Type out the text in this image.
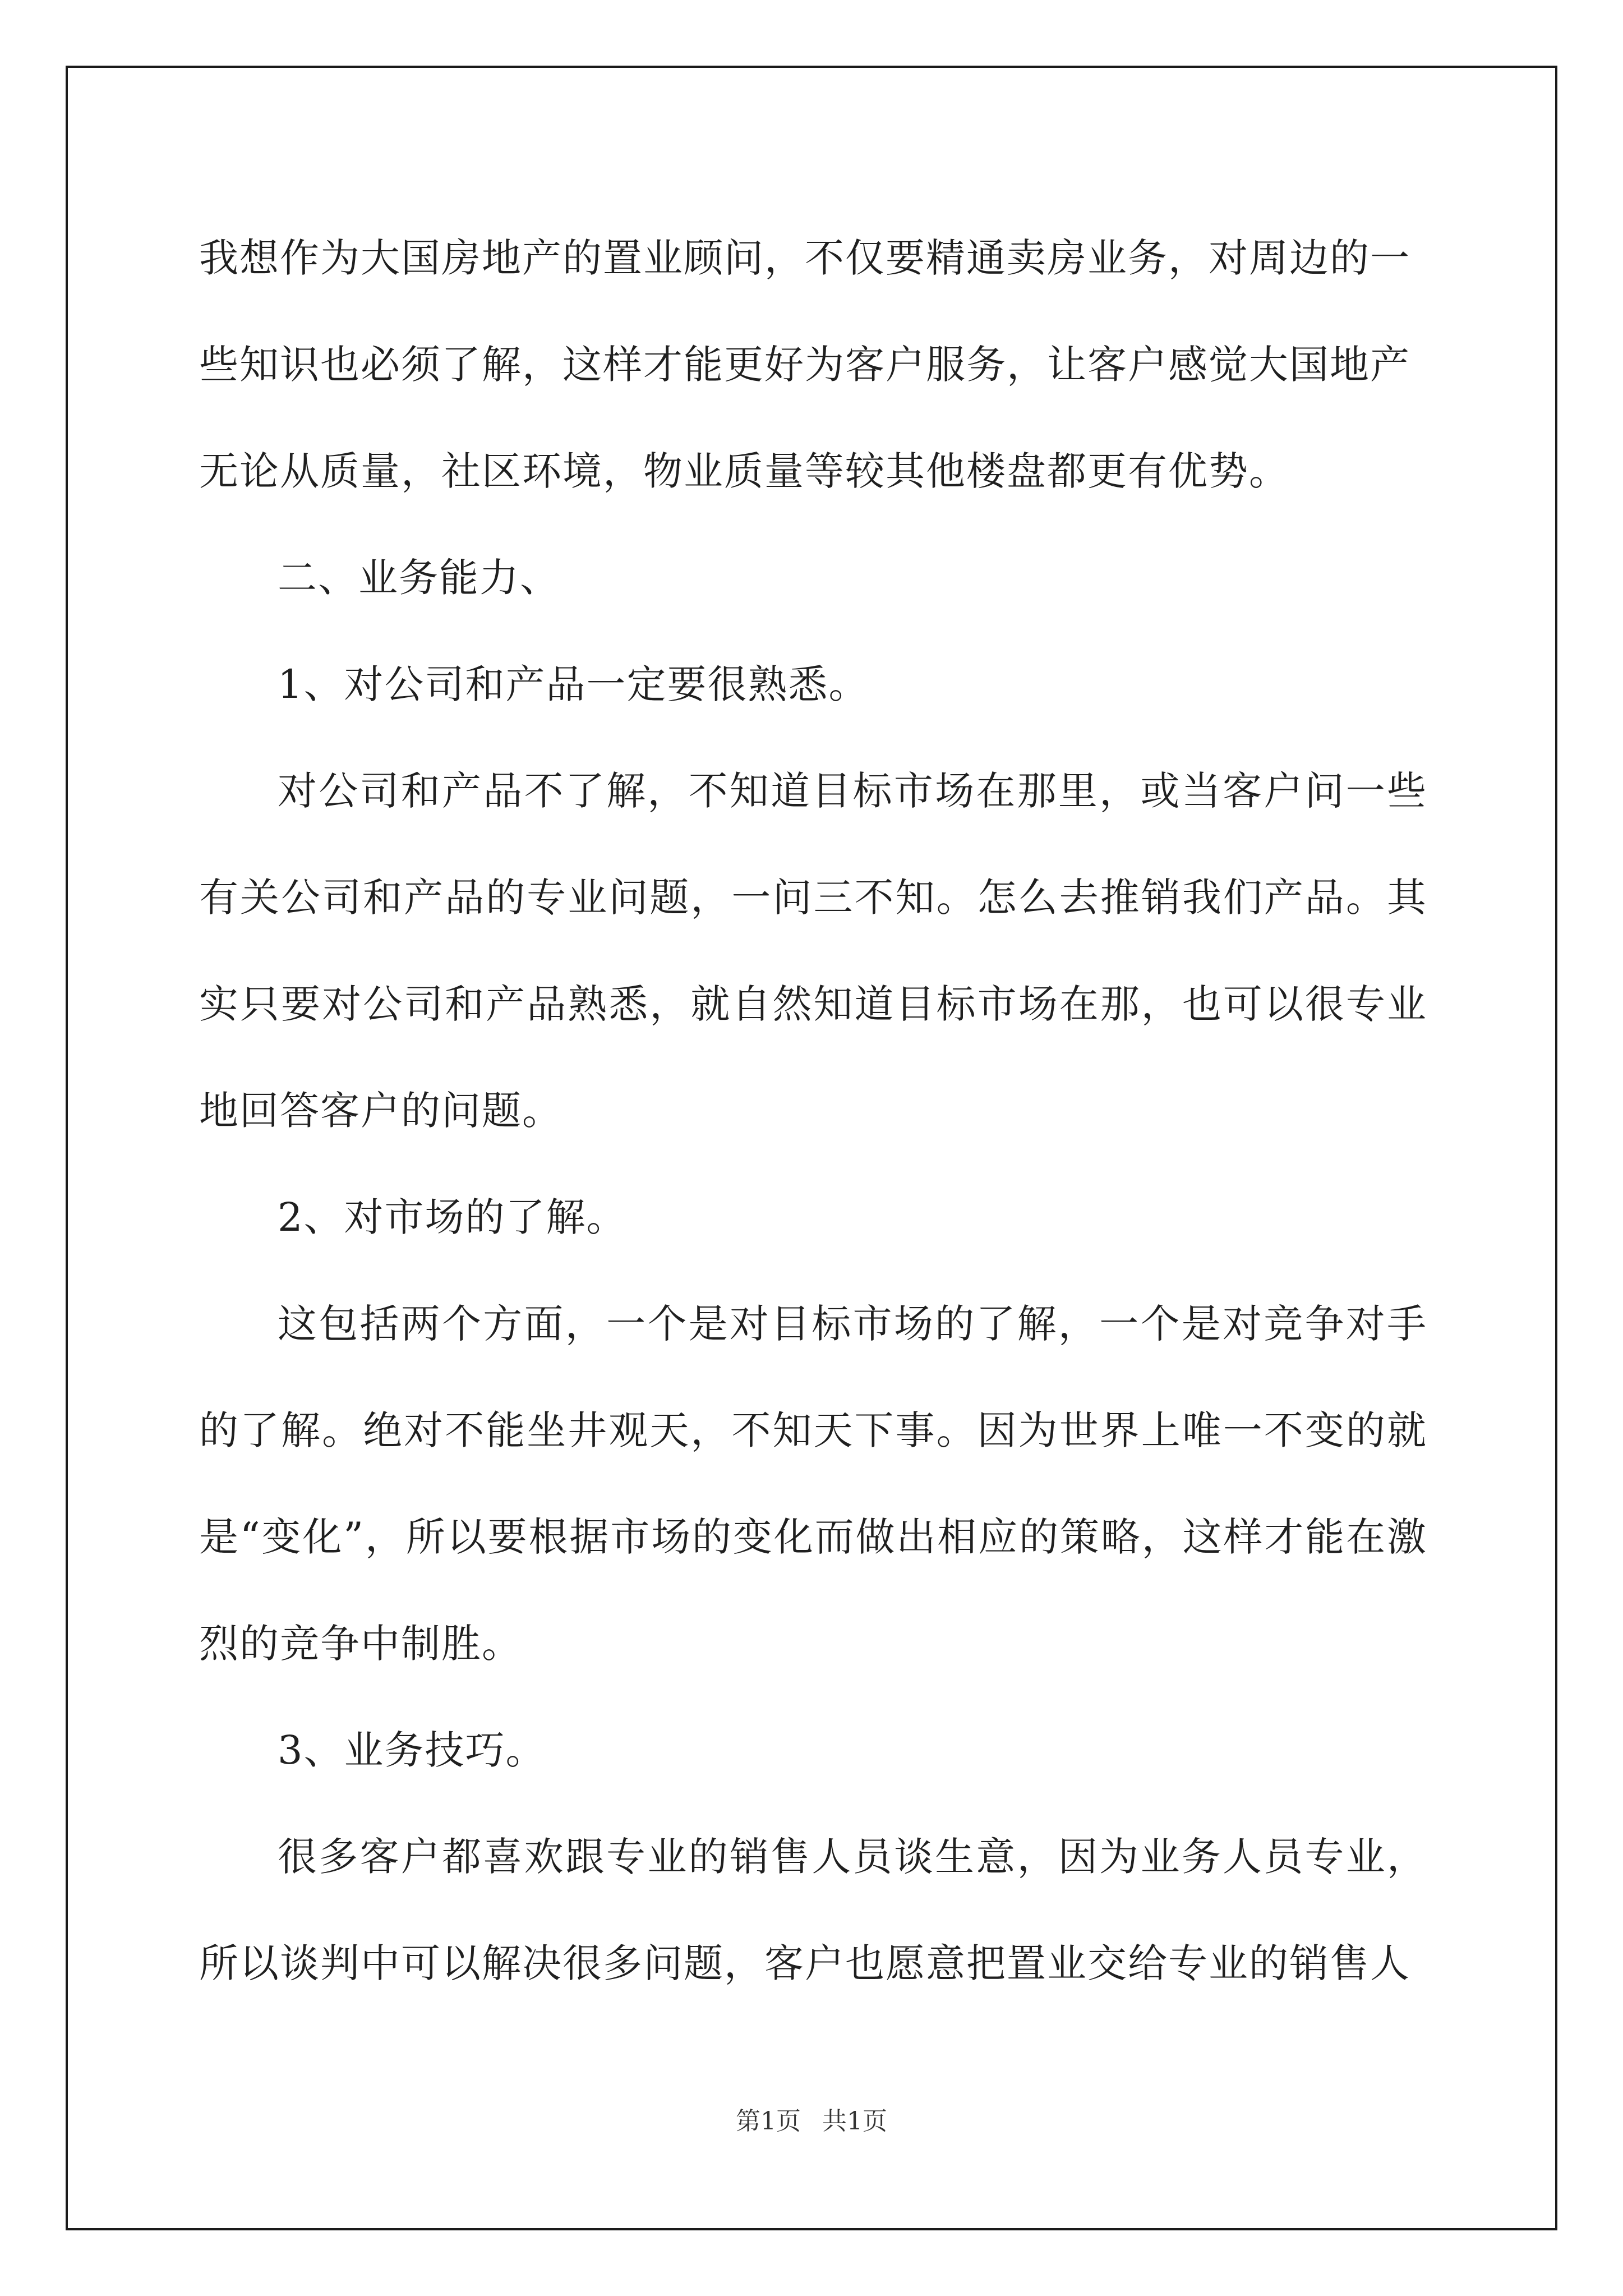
我想作为大国房地产的置业顾问，不仅要精通卖房业务，对周边的一

些知识也必须了解，这样才能更好为客户服务，让客户感觉大国地产

无论从质量，社区环境，物业质量等较其他楼盘都更有优势。

二、业务能力、

1、对公司和产品一定要很熟悉。

对公司和产品不了解，不知道目标市场在那里，或当客户问一些有关公司和产品的专业问题，一问三不知。怎么去推销我们产品。其实只要对公司和产品熟悉，就自然知道目标市场在那，也可以很专业地回答客户的问题。

2、对市场的了解。

这包括两个方面，一个是对目标市场的了解，一个是对竞争对手的了解。绝对不能坐井观天，不知天下事。因为世界上唯一不变的就是“变化”，所以要根据市场的变化而做出相应的策略，这样才能在激烈的竞争中制胜。

3、业务技巧。

很多客户都喜欢跟专业的销售人员谈生意，因为业务人员专业，所以谈判中可以解决很多问题，客户也愿意把置业交给专业的销售人

第1页 共1页
